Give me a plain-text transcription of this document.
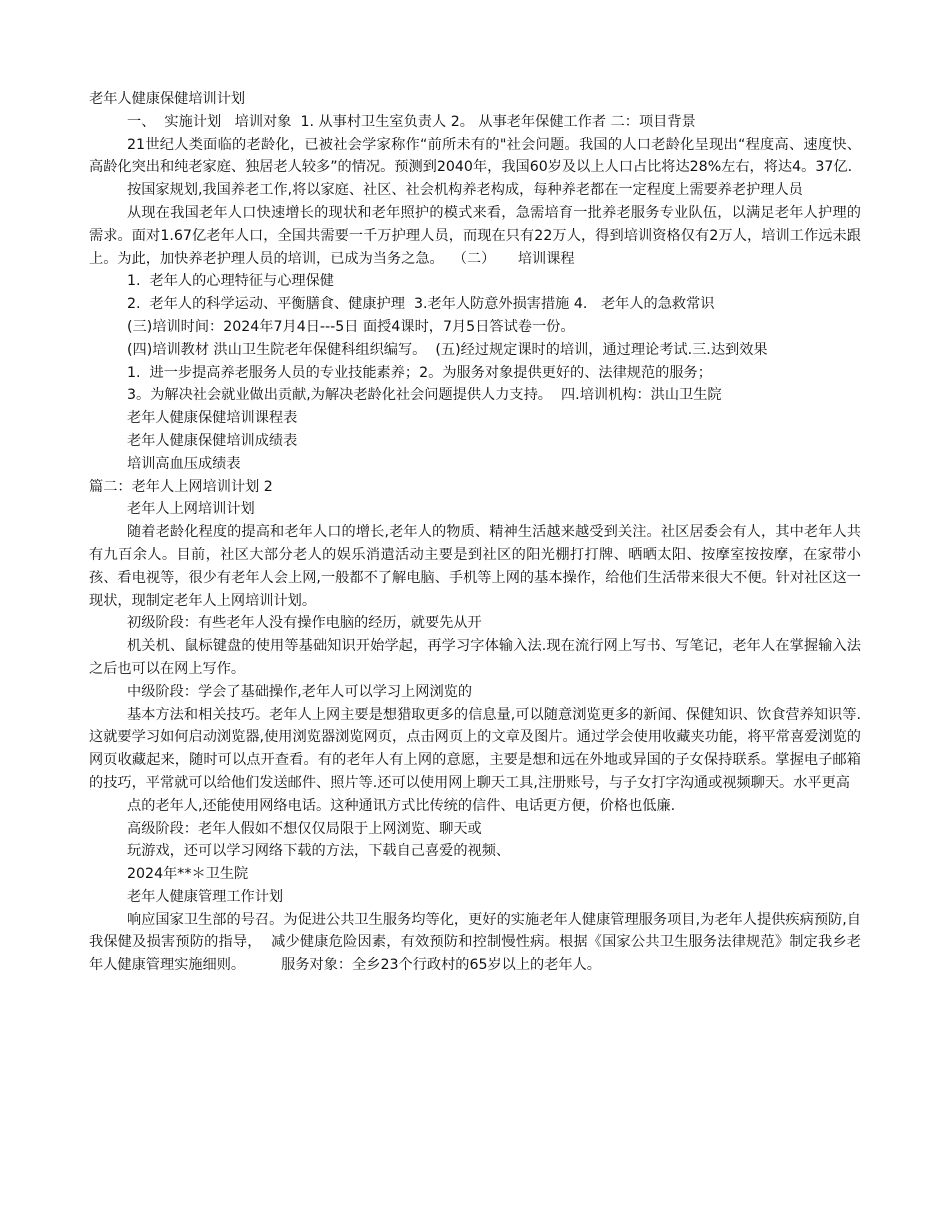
老年人健康保健培训计划

一、  实施计划   培训对象  1. 从事村卫生室负责人 2。 从事老年保健工作者 二：项目背景

21世纪人类面临的老龄化，已被社会学家称作“前所未有的"社会问题。我国的人口老龄化呈现出“程度高、速度快、高龄化突出和纯老家庭、独居老人较多”的情况。预测到2040年，我国60岁及以上人口占比将达28%左右，将达4。37亿.

按国家规划,我国养老工作,将以家庭、社区、社会机构养老构成，每种养老都在一定程度上需要养老护理人员

从现在我国老年人口快速增长的现状和老年照护的模式来看，急需培育一批养老服务专业队伍，以满足老年人护理的需求。面对1.67亿老年人口，全国共需要一千万护理人员，而现在只有22万人，得到培训资格仅有2万人，培训工作远未跟上。为此，加快养老护理人员的培训，已成为当务之急。  （二）     培训课程

1.  老年人的心理特征与心理保健

2.  老年人的科学运动、平衡膳食、健康护理  3.老年人防意外损害措施 4.   老年人的急救常识

(三)培训时间：2024年7月4日---5日 面授4课时，7月5日答试卷一份。

(四)培训教材 洪山卫生院老年保健科组织编写。  (五)经过规定课时的培训，通过理论考试.三.达到效果

1.  进一步提高养老服务人员的专业技能素养；2。为服务对象提供更好的、法律规范的服务；

3。为解决社会就业做出贡献,为解决老龄化社会问题提供人力支持。  四.培训机构：洪山卫生院

老年人健康保健培训课程表

老年人健康保健培训成绩表

培训高血压成绩表

篇二：老年人上网培训计划 2

老年人上网培训计划

随着老龄化程度的提高和老年人口的增长,老年人的物质、精神生活越来越受到关注。社区居委会有人，其中老年人共有九百余人。目前，社区大部分老人的娱乐消遣活动主要是到社区的阳光棚打打牌、晒晒太阳、按摩室按按摩，在家带小孩、看电视等，很少有老年人会上网,一般都不了解电脑、手机等上网的基本操作，给他们生活带来很大不便。针对社区这一现状，现制定老年人上网培训计划。

初级阶段：有些老年人没有操作电脑的经历，就要先从开

机关机、鼠标键盘的使用等基础知识开始学起，再学习字体输入法.现在流行网上写书、写笔记，老年人在掌握输入法之后也可以在网上写作。

中级阶段：学会了基础操作,老年人可以学习上网浏览的

基本方法和相关技巧。老年人上网主要是想猎取更多的信息量,可以随意浏览更多的新闻、保健知识、饮食营养知识等.这就要学习如何启动浏览器,使用浏览器浏览网页，点击网页上的文章及图片。通过学会使用收藏夹功能，将平常喜爱浏览的网页收藏起来，随时可以点开查看。有的老年人有上网的意愿，主要是想和远在外地或异国的子女保持联系。掌握电子邮箱的技巧，平常就可以给他们发送邮件、照片等.还可以使用网上聊天工具,注册账号，与子女打字沟通或视频聊天。水平更高

点的老年人,还能使用网络电话。这种通讯方式比传统的信件、电话更方便，价格也低廉.

高级阶段：老年人假如不想仅仅局限于上网浏览、聊天或

玩游戏，还可以学习网络下载的方法，下载自己喜爱的视频、

2024年**＊卫生院

老年人健康管理工作计划

响应国家卫生部的号召。为促进公共卫生服务均等化，更好的实施老年人健康管理服务项目,为老年人提供疾病预防,自我保健及损害预防的指导，  减少健康危险因素，有效预防和控制慢性病。根据《国家公共卫生服务法律规范》制定我乡老年人健康管理实施细则。        服务对象：全乡23个行政村的65岁以上的老年人。
